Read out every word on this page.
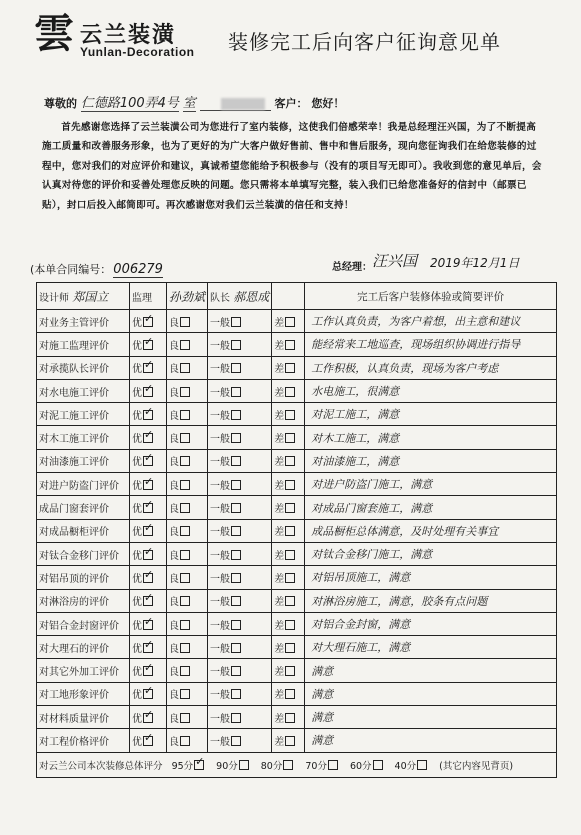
雲 云兰装潢
Yunlan-Decoration 装修完工后向客户征询意见单
尊敬的 仁德路100弄4号 室	客户： 您好！
首先感谢您选择了云兰装潢公司为您进行了室内装修，这使我们倍感荣幸！我是总经理汪兴国，为了不断提高施工质量和改善服务形象，也为了更好的为广大客户做好售前、售中和售后服务，现向您征询我们在给您装修的过程中，您对我们的对应评价和建议，真诚希望您能给予积极参与（没有的项目写无即可）。我收到您的意见单后，会认真对待您的评价和妥善处理您反映的问题。您只需将本单填写完整，装入我们已给您准备好的信封中（邮票已贴），封口后投入邮筒即可。再次感谢您对我们云兰装潢的信任和支持！
(本单合同编号： 006279	总经理： 汪兴国 2019年12月1日
设计师 郑国立	监理	孙劲斌	队长 郝恩成		完工后客户装修体验或简要评价
对业务主管评价	优✓	良	一般	差	工作认真负责，为客户着想，出主意和建议
对施工监理评价	优✓	良	一般	差	能经常来工地巡查，现场组织协调进行指导
对承揽队长评价	优✓	良	一般	差	工作积极，认真负责，现场为客户考虑
对水电施工评价	优✓	良	一般	差	水电施工，很满意
对泥工施工评价	优✓	良	一般	差	对泥工施工，满意
对木工施工评价	优✓	良	一般	差	对木工施工，满意
对油漆施工评价	优✓	良	一般	差	对油漆施工，满意
对进户防盗门评价	优✓	良	一般	差	对进户防盗门施工，满意
成品门窗套评价	优✓	良	一般	差	对成品门窗套施工，满意
对成品橱柜评价	优✓	良	一般	差	成品橱柜总体满意，及时处理有关事宜
对钛合金移门评价	优✓	良	一般	差	对钛合金移门施工，满意
对铝吊顶的评价	优✓	良	一般	差	对铝吊顶施工，满意
对淋浴房的评价	优✓	良	一般	差	对淋浴房施工，满意，胶条有点问题
对铝合金封窗评价	优✓	良	一般	差	对铝合金封窗，满意
对大理石的评价	优✓	良	一般	差	对大理石施工，满意
对其它外加工评价	优✓	良	一般	差	满意
对工地形象评价	优✓	良	一般	差	满意
对材料质量评价	优✓	良	一般	差	满意
对工程价格评价	优✓	良	一般	差	满意
对云兰公司本次装修总体评分 95分 ✓ 90分 80分 70分 60分 40分 (其它内容见背页)
